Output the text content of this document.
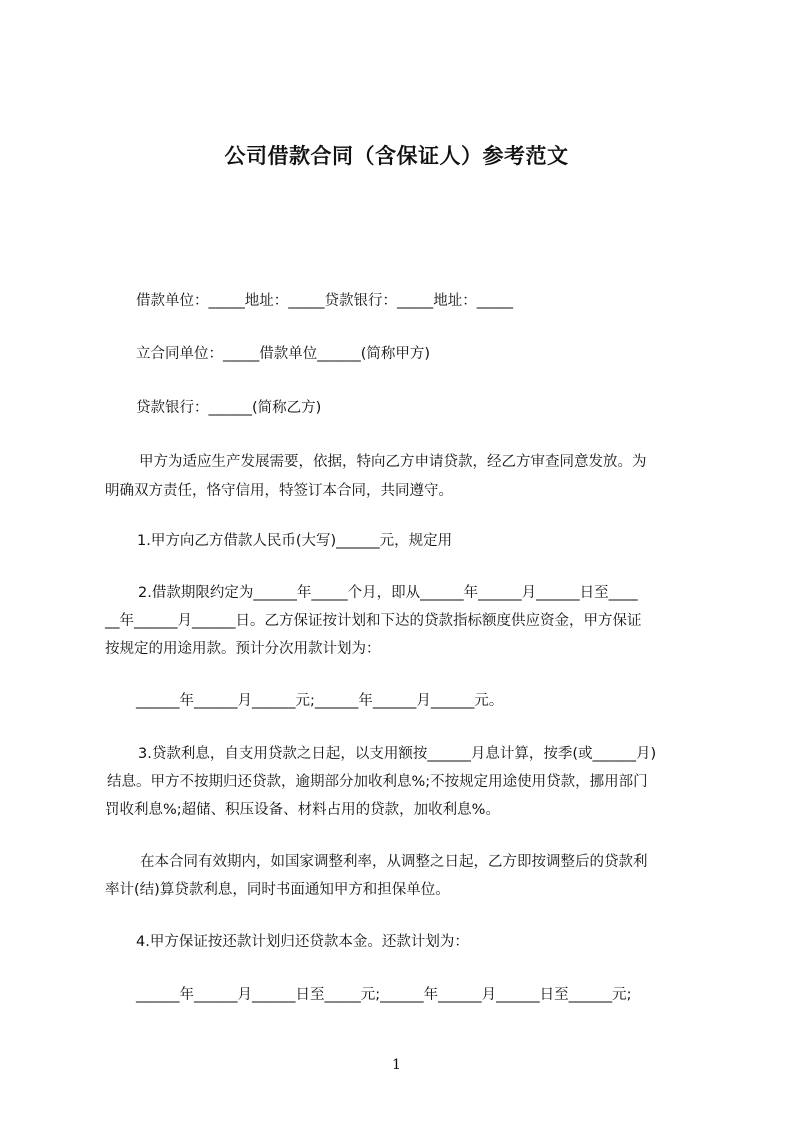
公司借款合同（含保证人）参考范文

借款单位：_____地址：_____贷款银行：_____地址：_____

立合同单位：_____借款单位______(简称甲方)

贷款银行：______(简称乙方)

甲方为适应生产发展需要，依据，特向乙方申请贷款，经乙方审查同意发放。为

明确双方责任，恪守信用，特签订本合同，共同遵守。

1.甲方向乙方借款人民币(大写)______元，规定用

2.借款期限约定为______年_____个月，即从______年______月______日至____

__年______月______日。乙方保证按计划和下达的贷款指标额度供应资金，甲方保证

按规定的用途用款。预计分次用款计划为：

______年______月______元;______年______月______元。

3.贷款利息，自支用贷款之日起，以支用额按______月息计算，按季(或______月)

结息。甲方不按期归还贷款，逾期部分加收利息%;不按规定用途使用贷款，挪用部门

罚收利息%;超储、积压设备、材料占用的贷款，加收利息%。

在本合同有效期内，如国家调整利率，从调整之日起，乙方即按调整后的贷款利

率计(结)算贷款利息，同时书面通知甲方和担保单位。

4.甲方保证按还款计划归还贷款本金。还款计划为：

______年______月______日至_____元;______年______月______日至______元;

1
